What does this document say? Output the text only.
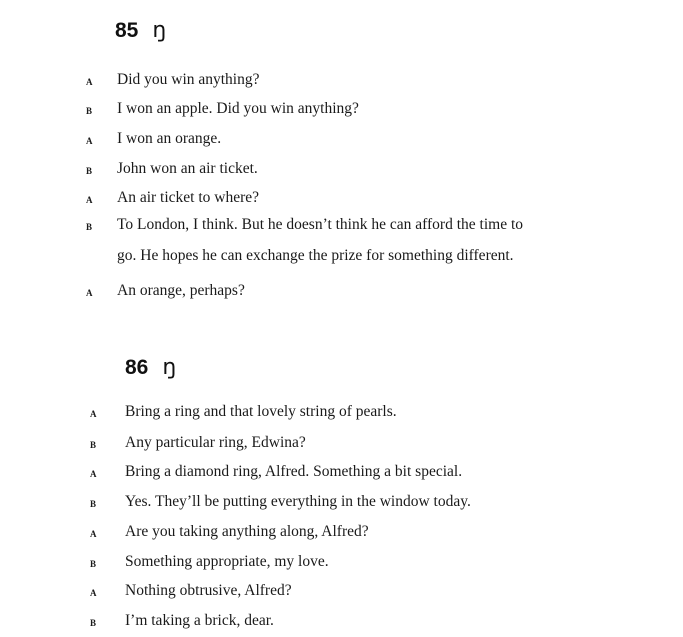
85 ŋ
A Did you win anything?
B I won an apple. Did you win anything?
A I won an orange.
B John won an air ticket.
A An air ticket to where?
B To London, I think. But he doesn’t think he can afford the time to
go. He hopes he can exchange the prize for something different.
A An orange, perhaps?
86 ŋ
A Bring a ring and that lovely string of pearls.
B Any particular ring, Edwina?
A Bring a diamond ring, Alfred. Something a bit special.
B Yes. They’ll be putting everything in the window today.
A Are you taking anything along, Alfred?
B Something appropriate, my love.
A Nothing obtrusive, Alfred?
B I’m taking a brick, dear.
